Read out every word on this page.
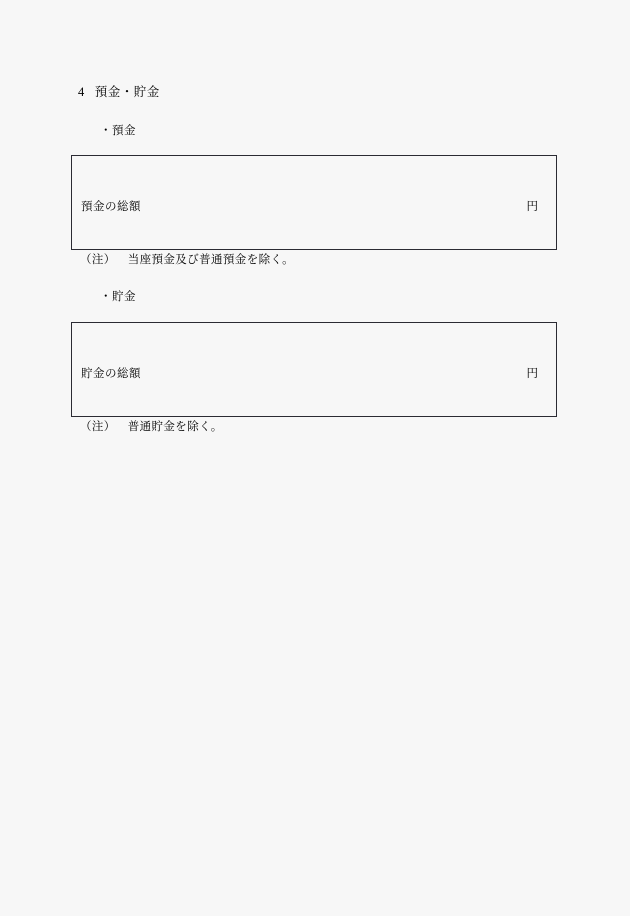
4 預金・貯金
・預金
預金の総額	円
（注） 当座預金及び普通預金を除く。
・貯金
貯金の総額	円
（注） 普通貯金を除く。
